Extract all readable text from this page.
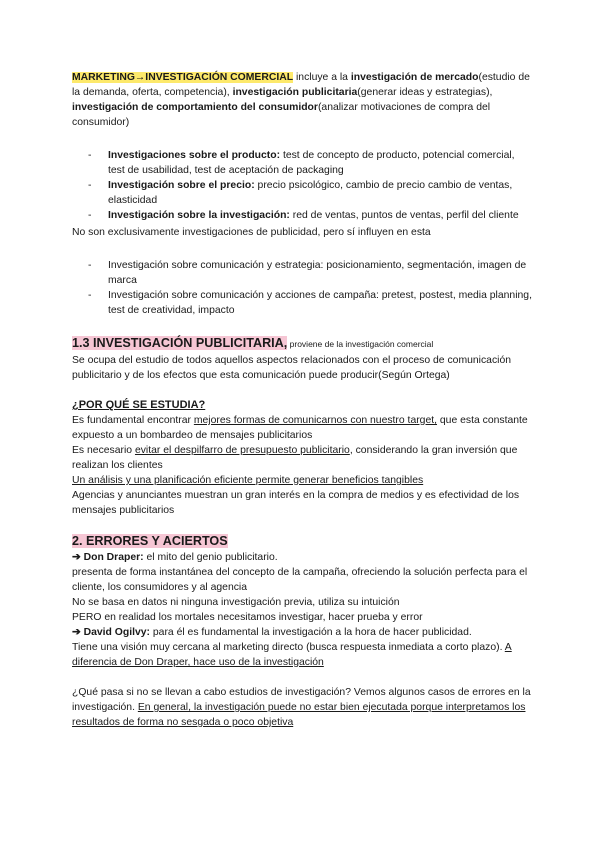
MARKETING→INVESTIGACIÓN COMERCIAL incluye a la investigación de mercado(estudio de la demanda, oferta, competencia), investigación publicitaria(generar ideas y estrategias), investigación de comportamiento del consumidor(analizar motivaciones de compra del consumidor)

- Investigaciones sobre el producto: test de concepto de producto, potencial comercial, test de usabilidad, test de aceptación de packaging
- Investigación sobre el precio: precio psicológico, cambio de precio cambio de ventas, elasticidad
- Investigación sobre la investigación: red de ventas, puntos de ventas, perfil del cliente

No son exclusivamente investigaciones de publicidad, pero sí influyen en esta

- Investigación sobre comunicación y estrategia: posicionamiento, segmentación, imagen de marca
- Investigación sobre comunicación y acciones de campaña: pretest, postest, media planning, test de creatividad, impacto

1.3 INVESTIGACIÓN PUBLICITARIA, proviene de la investigación comercial

Se ocupa del estudio de todos aquellos aspectos relacionados con el proceso de comunicación publicitario y de los efectos que esta comunicación puede producir(Según Ortega)

¿POR QUÉ SE ESTUDIA?

Es fundamental encontrar mejores formas de comunicarnos con nuestro target, que esta constante expuesto a un bombardeo de mensajes publicitarios

Es necesario evitar el despilfarro de presupuesto publicitario, considerando la gran inversión que realizan los clientes

Un análisis y una planificación eficiente permite generar beneficios tangibles

Agencias y anunciantes muestran un gran interés en la compra de medios y es efectividad de los mensajes publicitarios

2. ERRORES Y ACIERTOS

➔ Don Draper: el mito del genio publicitario.

presenta de forma instantánea del concepto de la campaña, ofreciendo la solución perfecta para el cliente, los consumidores y al agencia

No se basa en datos ni ninguna investigación previa, utiliza su intuición

PERO en realidad los mortales necesitamos investigar, hacer prueba y error

➔ David Ogilvy: para él es fundamental la investigación a la hora de hacer publicidad.

Tiene una visión muy cercana al marketing directo (busca respuesta inmediata a corto plazo). A diferencia de Don Draper, hace uso de la investigación

¿Qué pasa si no se llevan a cabo estudios de investigación? Vemos algunos casos de errores en la investigación. En general, la investigación puede no estar bien ejecutada porque interpretamos los resultados de forma no sesgada o poco objetiva
